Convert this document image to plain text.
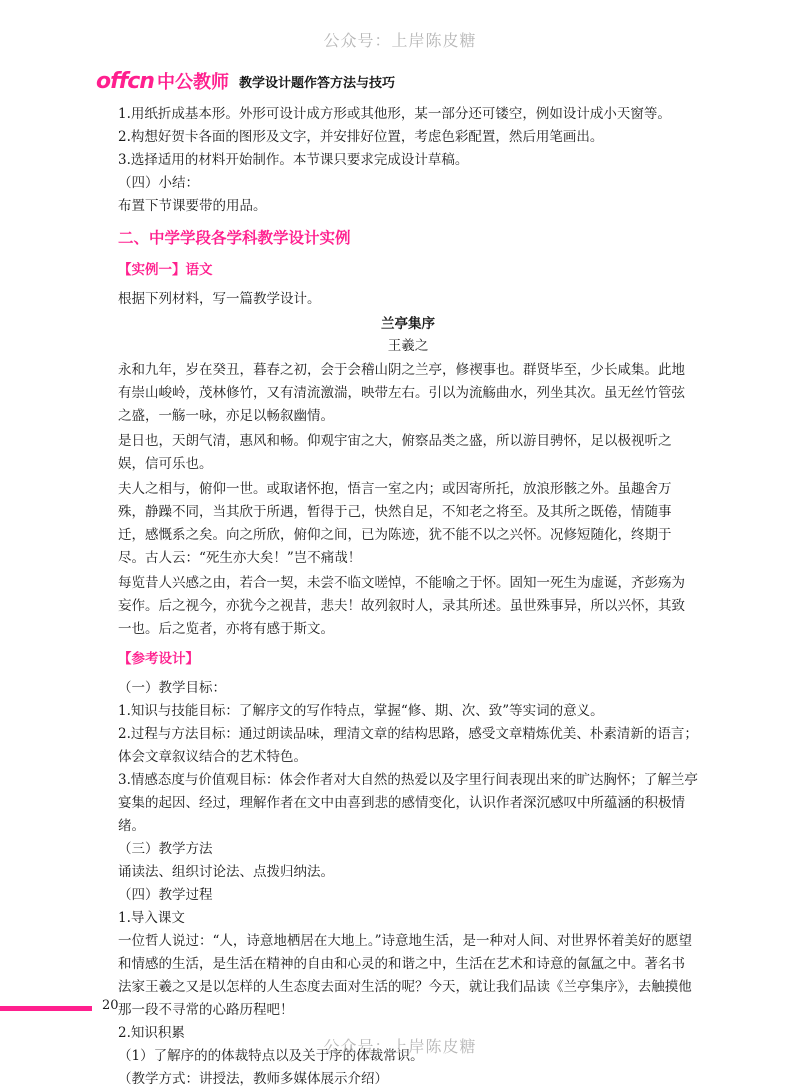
公众号：上岸陈皮糖
offcn 中公教师 教学设计题作答方法与技巧

1.用纸折成基本形。外形可设计成方形或其他形，某一部分还可镂空，例如设计成小天窗等。

2.构想好贺卡各面的图形及文字，并安排好位置，考虑色彩配置，然后用笔画出。

3.选择适用的材料开始制作。本节课只要求完成设计草稿。

（四）小结：

布置下节课要带的用品。

二、中学学段各学科教学设计实例
【实例一】语文

根据下列材料，写一篇教学设计。

兰亭集序
王羲之

永和九年，岁在癸丑，暮春之初，会于会稽山阴之兰亭，修禊事也。群贤毕至，少长咸集。此地有崇山峻岭，茂林修竹，又有清流激湍，映带左右。引以为流觞曲水，列坐其次。虽无丝竹管弦之盛，一觞一咏，亦足以畅叙幽情。

是日也，天朗气清，惠风和畅。仰观宇宙之大，俯察品类之盛，所以游目骋怀，足以极视听之娱，信可乐也。

夫人之相与，俯仰一世。或取诸怀抱，悟言一室之内；或因寄所托，放浪形骸之外。虽趣舍万殊，静躁不同，当其欣于所遇，暂得于己，快然自足，不知老之将至。及其所之既倦，情随事迁，感慨系之矣。向之所欣，俯仰之间，已为陈迹，犹不能不以之兴怀。况修短随化，终期于尽。古人云：“死生亦大矣！”岂不痛哉！

每览昔人兴感之由，若合一契，未尝不临文嗟悼，不能喻之于怀。固知一死生为虚诞，齐彭殇为妄作。后之视今，亦犹今之视昔，悲夫！故列叙时人，录其所述。虽世殊事异，所以兴怀，其致一也。后之览者，亦将有感于斯文。

【参考设计】

（一）教学目标：

1.知识与技能目标：了解序文的写作特点，掌握“修、期、次、致”等实词的意义。

2.过程与方法目标：通过朗读品味，理清文章的结构思路，感受文章精炼优美、朴素清新的语言；体会文章叙议结合的艺术特色。

3.情感态度与价值观目标：体会作者对大自然的热爱以及字里行间表现出来的旷达胸怀；了解兰亭宴集的起因、经过，理解作者在文中由喜到悲的感情变化，认识作者深沉感叹中所蕴涵的积极情绪。

（三）教学方法

诵读法、组织讨论法、点拨归纳法。

（四）教学过程

1.导入课文

一位哲人说过：“人，诗意地栖居在大地上。”诗意地生活，是一种对人间、对世界怀着美好的愿望和情感的生活，是生活在精神的自由和心灵的和谐之中，生活在艺术和诗意的氤氲之中。著名书法家王羲之又是以怎样的人生态度去面对生活的呢？今天，就让我们品读《兰亭集序》，去触摸他那一段不寻常的心路历程吧！

2.知识积累

（1）了解序的的体裁特点以及关于序的体裁常识。

（教学方式：讲授法，教师多媒体展示介绍）

20
公众号：上岸陈皮糖
